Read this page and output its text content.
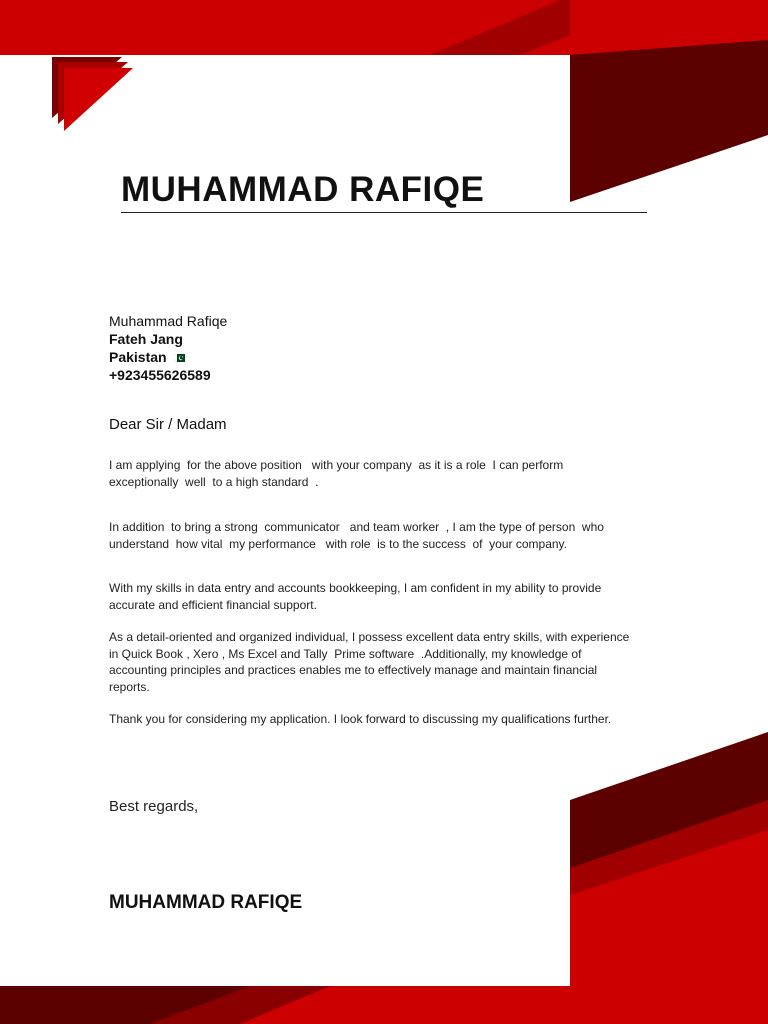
MUHAMMAD RAFIQE
Muhammad Rafiqe
Fateh Jang
Pakistan
+923455626589
Dear Sir / Madam
I am applying  for the above position   with your company  as it is a role  I can perform
exceptionally  well  to a high standard  .
In addition  to bring a strong  communicator   and team worker  , I am the type of person  who
understand  how vital  my performance   with role  is to the success  of  your company.
With my skills in data entry and accounts bookkeeping, I am confident in my ability to provide
accurate and efficient financial support.
As a detail-oriented and organized individual, I possess excellent data entry skills, with experience
in Quick Book , Xero , Ms Excel and Tally  Prime software  .Additionally, my knowledge of
accounting principles and practices enables me to effectively manage and maintain financial
reports.
Thank you for considering my application. I look forward to discussing my qualifications further.
Best regards,
MUHAMMAD RAFIQE
